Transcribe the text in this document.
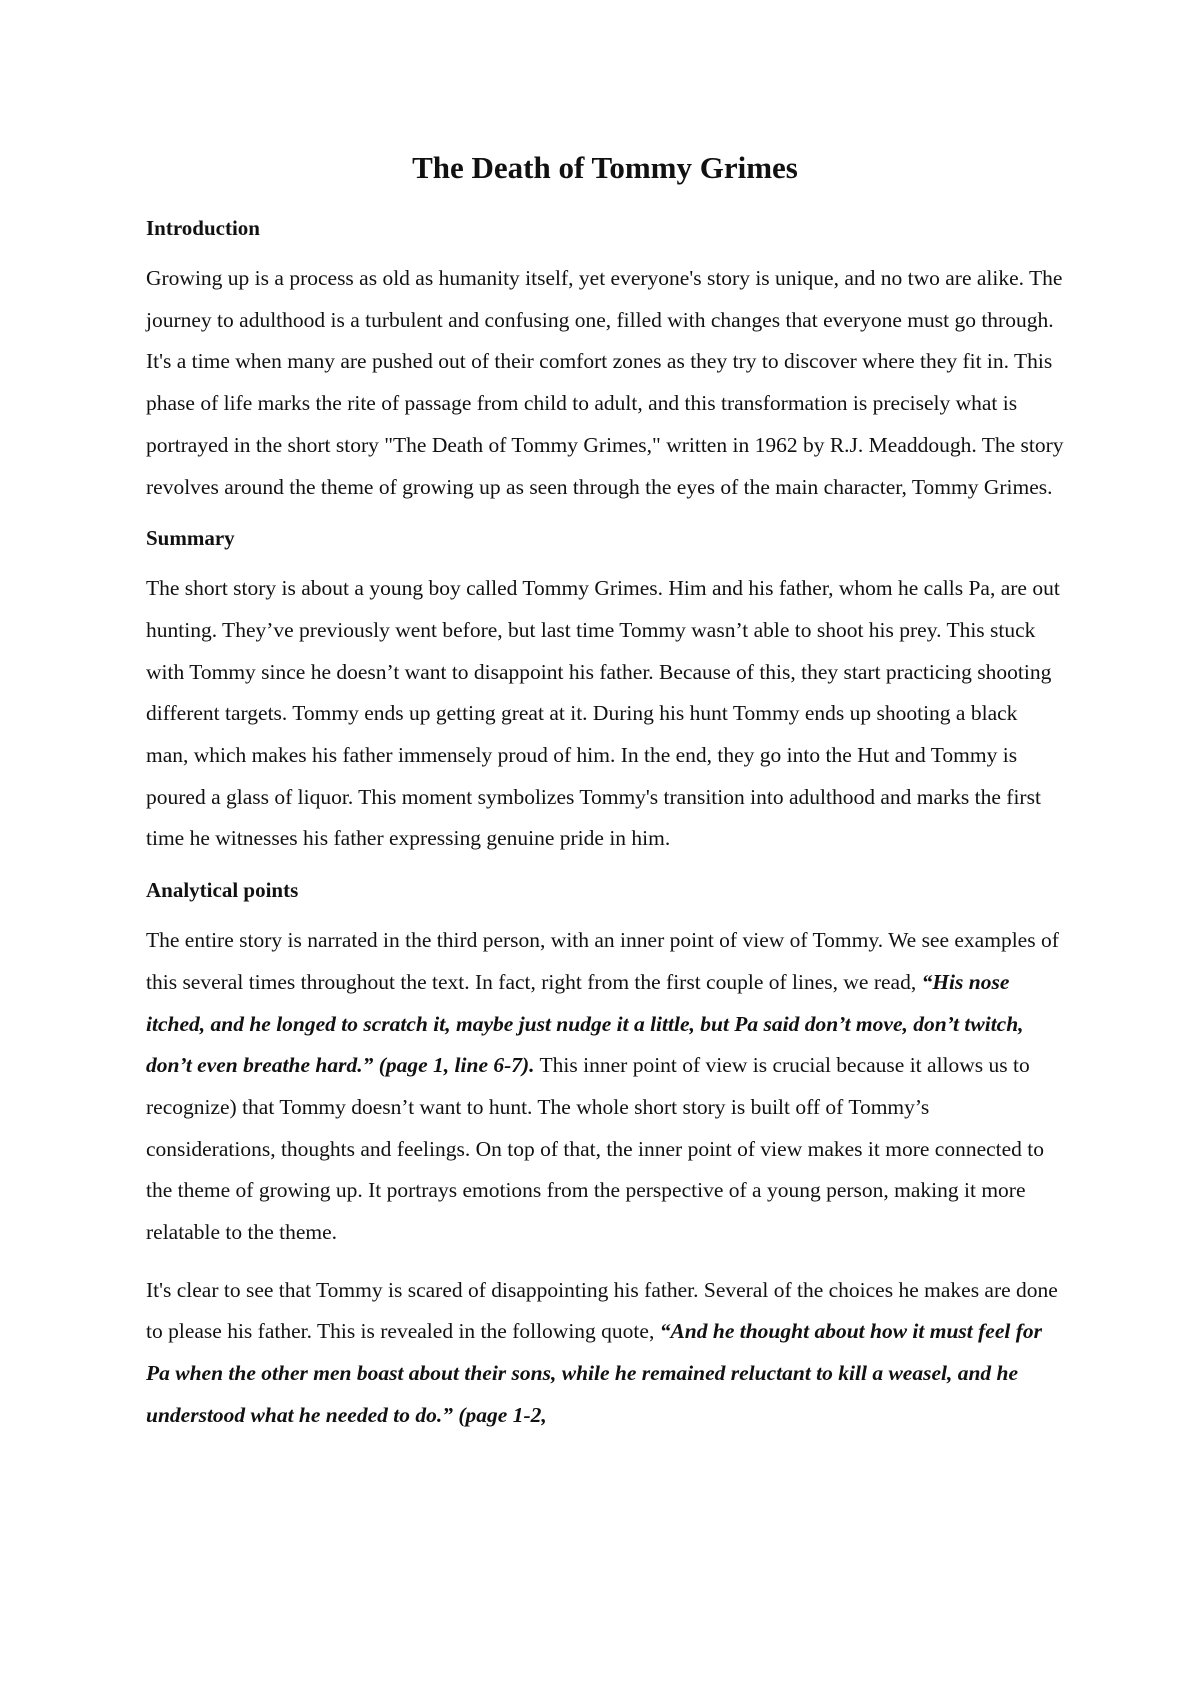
The Death of Tommy Grimes
Introduction

Growing up is a process as old as humanity itself, yet everyone's story is unique, and no two are alike. The journey to adulthood is a turbulent and confusing one, filled with changes that everyone must go through. It's a time when many are pushed out of their comfort zones as they try to discover where they fit in. This phase of life marks the rite of passage from child to adult, and this transformation is precisely what is portrayed in the short story "The Death of Tommy Grimes," written in 1962 by R.J. Meaddough. The story revolves around the theme of growing up as seen through the eyes of the main character, Tommy Grimes.

Summary

The short story is about a young boy called Tommy Grimes. Him and his father, whom he calls Pa, are out hunting. They’ve previously went before, but last time Tommy wasn’t able to shoot his prey. This stuck with Tommy since he doesn’t want to disappoint his father. Because of this, they start practicing shooting different targets. Tommy ends up getting great at it. During his hunt Tommy ends up shooting a black man, which makes his father immensely proud of him. In the end, they go into the Hut and Tommy is poured a glass of liquor. This moment symbolizes Tommy's transition into adulthood and marks the first time he witnesses his father expressing genuine pride in him.

Analytical points

The entire story is narrated in the third person, with an inner point of view of Tommy. We see examples of this several times throughout the text. In fact, right from the first couple of lines, we read, “His nose itched, and he longed to scratch it, maybe just nudge it a little, but Pa said don’t move, don’t twitch, don’t even breathe hard.” (page 1, line 6-7). This inner point of view is crucial because it allows us to recognize) that Tommy doesn’t want to hunt. The whole short story is built off of Tommy’s considerations, thoughts and feelings. On top of that, the inner point of view makes it more connected to the theme of growing up. It portrays emotions from the perspective of a young person, making it more relatable to the theme.

It's clear to see that Tommy is scared of disappointing his father. Several of the choices he makes are done to please his father. This is revealed in the following quote, “And he thought about how it must feel for Pa when the other men boast about their sons, while he remained reluctant to kill a weasel, and he understood what he needed to do.” (page 1-2,
